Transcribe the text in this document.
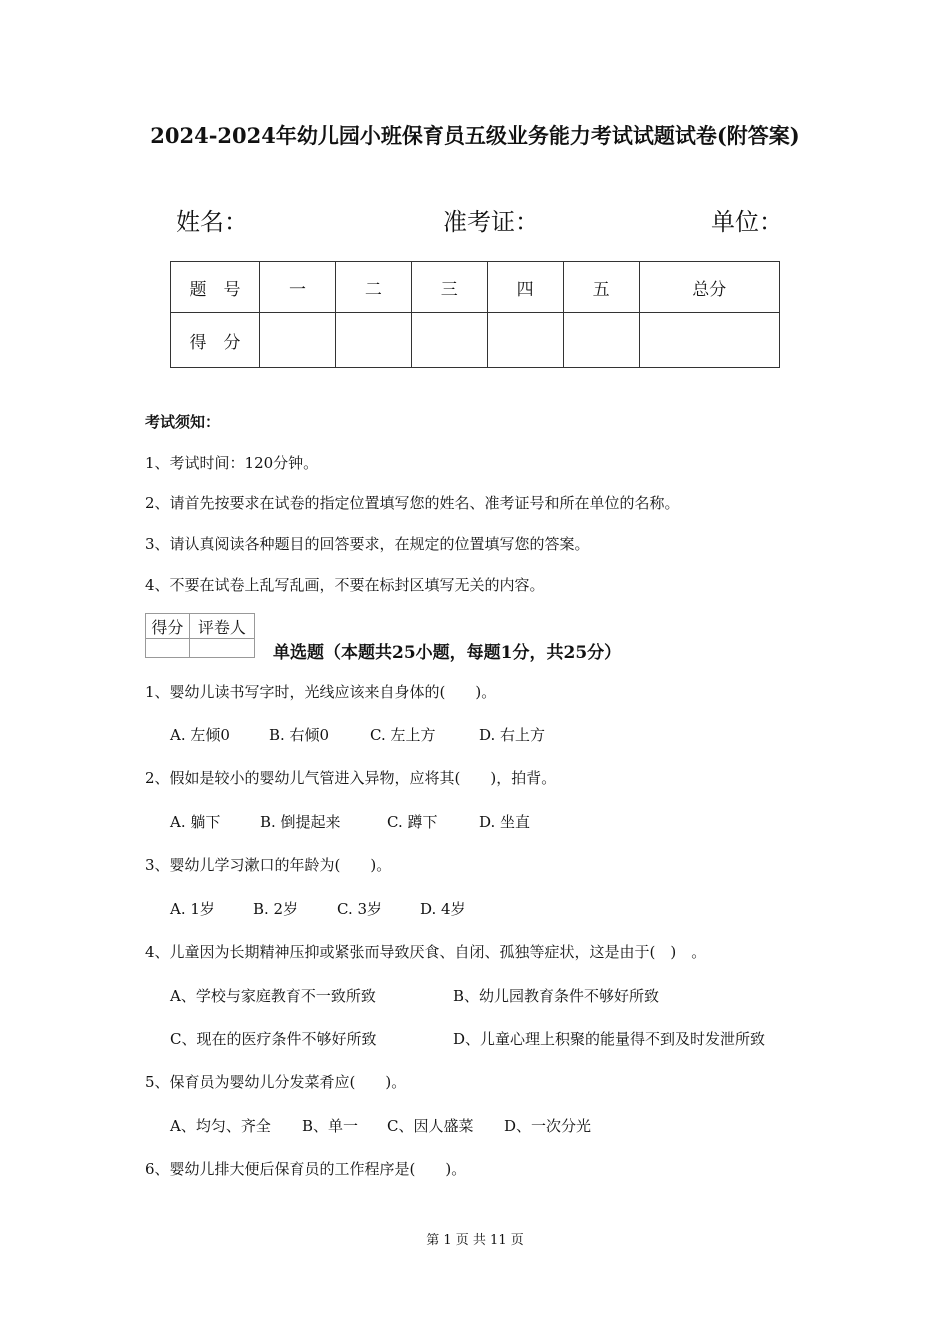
2024-2024年幼儿园小班保育员五级业务能力考试试题试卷(附答案)
姓名：	准考证：	单位：
题　号	一	二	三	四	五	总分
得　分						
考试须知：
1、考试时间：120分钟。
2、请首先按要求在试卷的指定位置填写您的姓名、准考证号和所在单位的名称。
3、请认真阅读各种题目的回答要求，在规定的位置填写您的答案。
4、不要在试卷上乱写乱画，不要在标封区填写无关的内容。
得分	评卷人

单选题（本题共25小题，每题1分，共25分）
1、婴幼儿读书写字时，光线应该来自身体的(　　)。
A. 左倾0	B. 右倾0	C. 左上方	D. 右上方
2、假如是较小的婴幼儿气管进入异物，应将其(　　)，拍背。
A. 躺下	B. 倒提起来	C. 蹲下	D. 坐直
3、婴幼儿学习漱口的年龄为(　　)。
A. 1岁	B. 2岁	C. 3岁	D. 4岁
4、儿童因为长期精神压抑或紧张而导致厌食、自闭、孤独等症状，这是由于(　)　。
A、学校与家庭教育不一致所致	B、幼儿园教育条件不够好所致
C、现在的医疗条件不够好所致	D、儿童心理上积聚的能量得不到及时发泄所致
5、保育员为婴幼儿分发菜肴应(　　)。
A、均匀、齐全 B、单一 C、因人盛菜 D、一次分光
6、婴幼儿排大便后保育员的工作程序是(　　)。
第 1 页 共 11 页
